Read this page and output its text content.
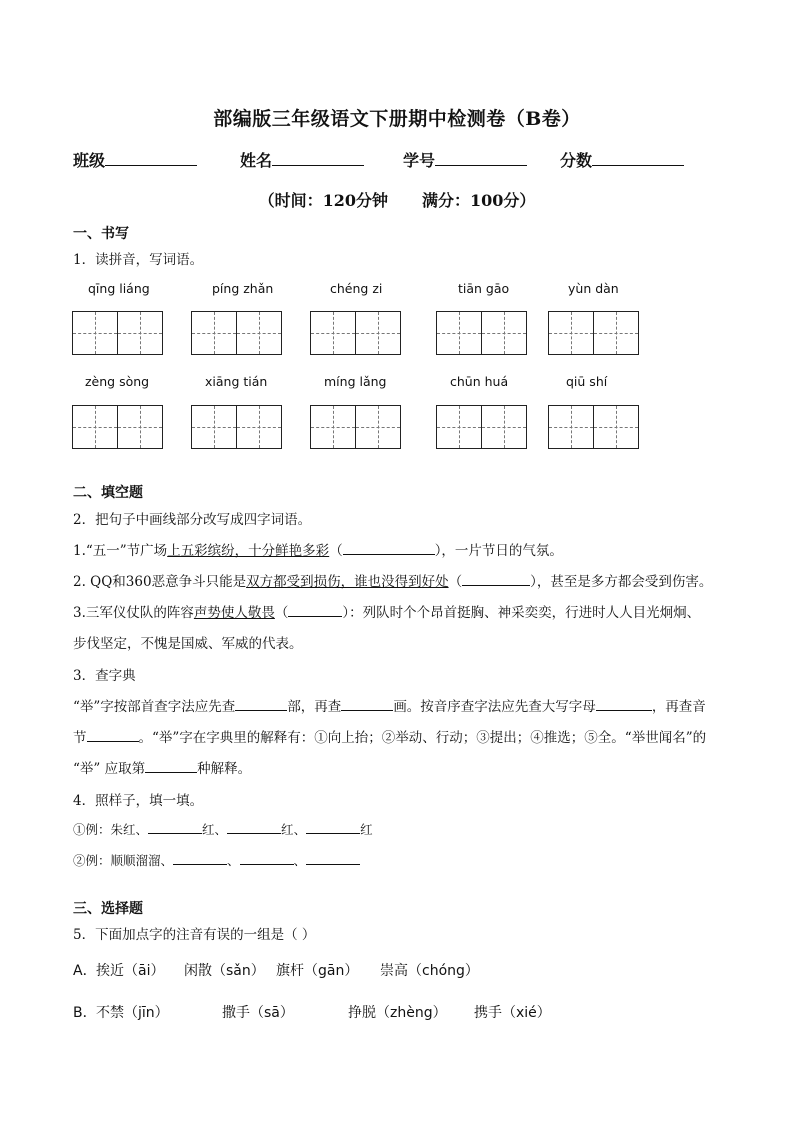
部编版三年级语文下册期中检测卷（B卷）
班级	姓名	学号	分数
（时间：120分钟 满分：100分）
一、书写
1．读拼音，写词语。
qīng liáng	píng zhǎn	chéng zi	tiān gāo	yùn dàn
zèng sòng	xiāng tián	míng lǎng	chūn huá	qiū shí
二、填空题
2．把句子中画线部分改写成四字词语。
1.“五一”节广场上五彩缤纷，十分鲜艳多彩（	），一片节日的气氛。
2. QQ和360恶意争斗只能是双方都受到损伤，谁也没得到好处（	），甚至是多方都会受到伤害。
3.三军仪仗队的阵容声势使人敬畏（	）：列队时个个昂首挺胸、神采奕奕，行进时人人目光炯炯、
步伐坚定，不愧是国威、军威的代表。
3．查字典
“举”字按部首查字法应先查	部，再查	画。按音序查字法应先查大写字母	，再查音
节	。“举”字在字典里的解释有：①向上抬；②举动、行动；③提出；④推选；⑤全。“举世闻名”的
“举” 应取第	种解释。
4．照样子，填一填。
①例：朱红、	红、	红、	红
②例：顺顺溜溜、	、	、
三、选择题
5．下面加点字的注音有误的一组是（ ）
A． 挨近（āi） 闲散（sǎn） 旗杆（gān） 崇高（chóng）
B． 不禁（jīn）	撒手（sā）	挣脱（zhèng） 携手（xié）
